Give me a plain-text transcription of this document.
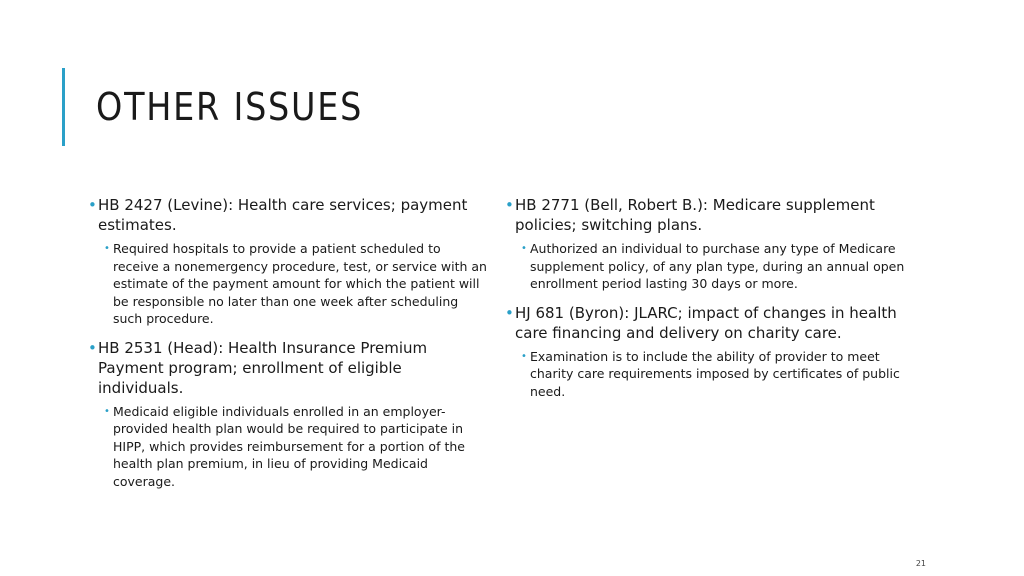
OTHER ISSUES
• HB 2427 (Levine): Health care services; payment estimates.
• Required hospitals to provide a patient scheduled to receive a nonemergency procedure, test, or service with an estimate of the payment amount for which the patient will be responsible no later than one week after scheduling such procedure.
• HB 2531 (Head): Health Insurance Premium Payment program; enrollment of eligible individuals.
• Medicaid eligible individuals enrolled in an employer-provided health plan would be required to participate in HIPP, which provides reimbursement for a portion of the health plan premium, in lieu of providing Medicaid coverage.
• HB 2771 (Bell, Robert B.): Medicare supplement policies; switching plans.
• Authorized an individual to purchase any type of Medicare supplement policy, of any plan type, during an annual open enrollment period lasting 30 days or more.
• HJ 681 (Byron): JLARC; impact of changes in health care financing and delivery on charity care.
• Examination is to include the ability of provider to meet charity care requirements imposed by certificates of public need.
21
